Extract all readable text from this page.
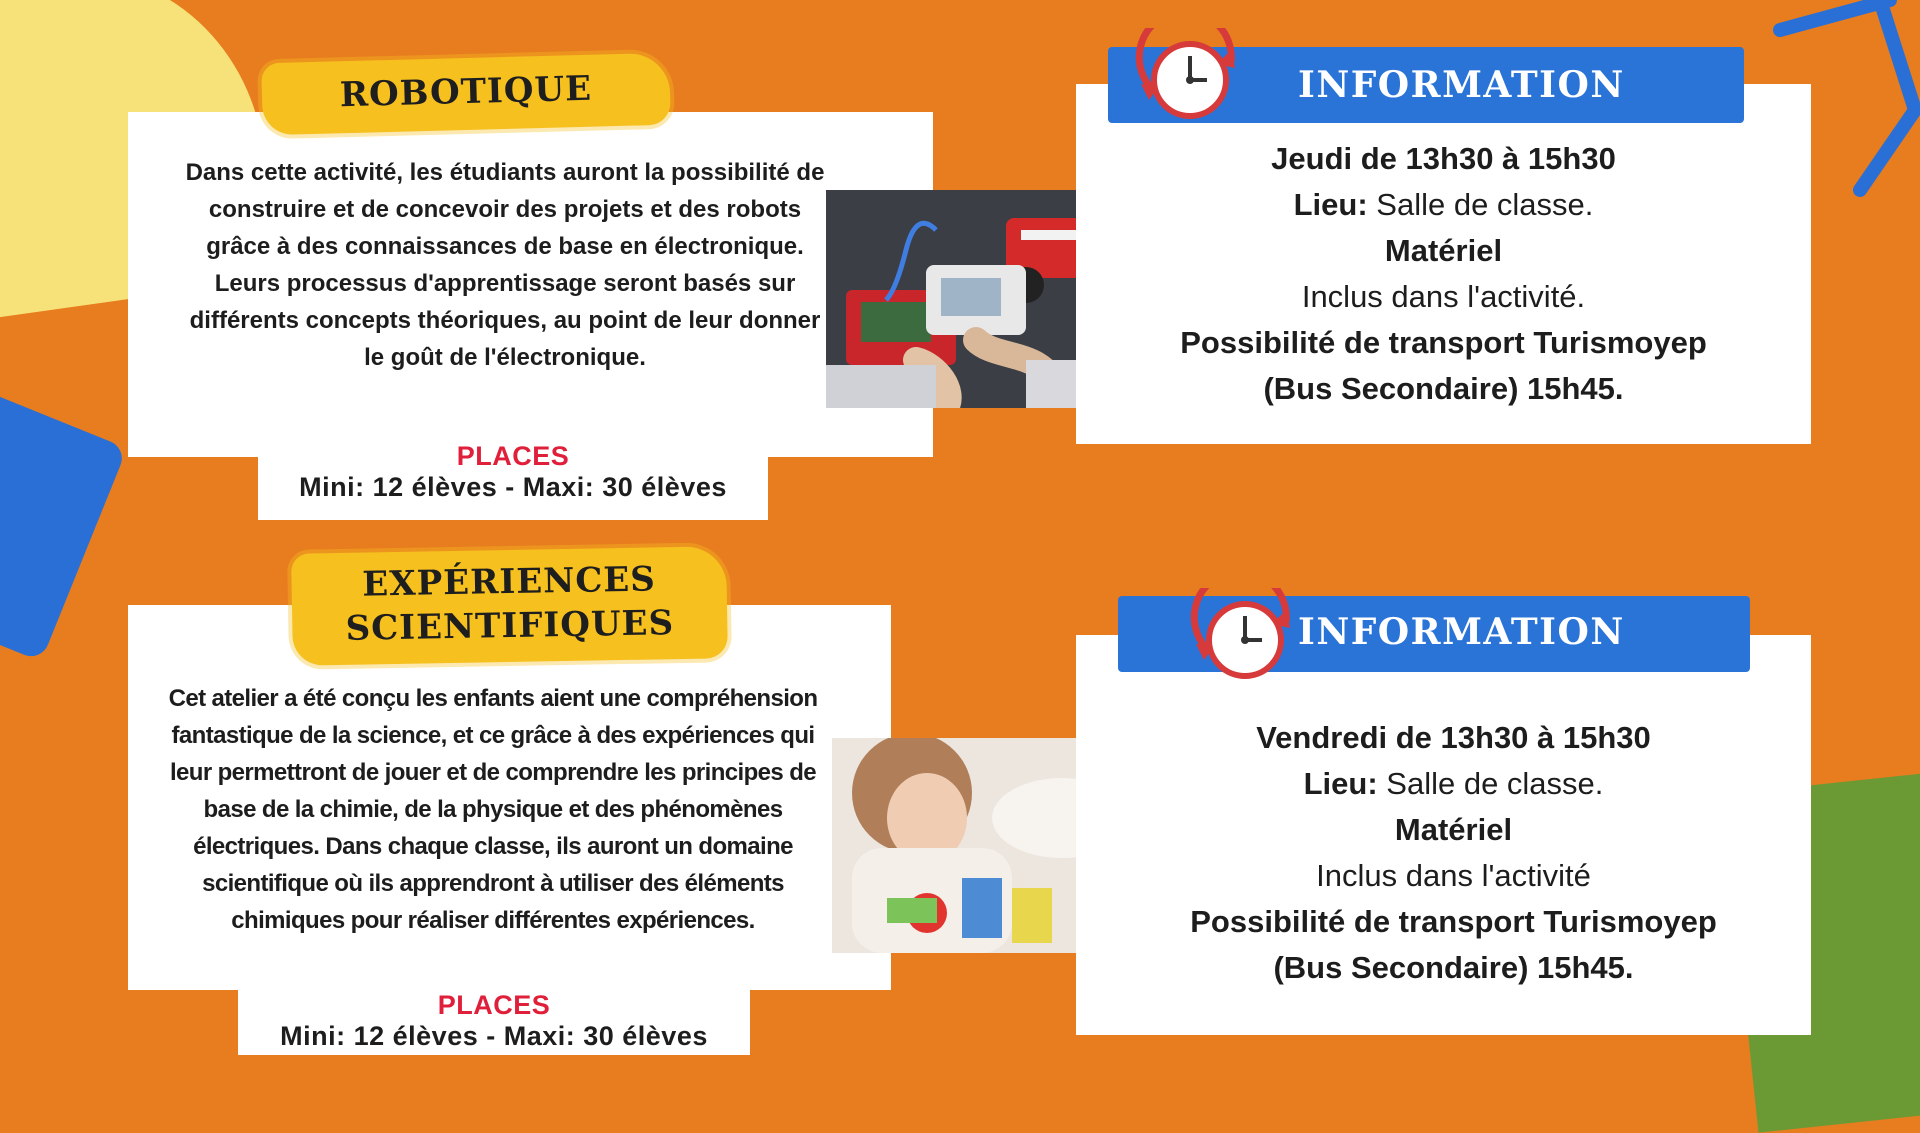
ROBOTIQUE
Dans cette activité, les étudiants auront la possibilité de construire et de concevoir des projets et des robots grâce à des connaissances de base en électronique. Leurs processus d'apprentissage seront basés sur différents concepts théoriques, au point de leur donner le goût de l'électronique.
PLACES
Mini: 12 élèves - Maxi: 30 élèves
EXPÉRIENCES
SCIENTIFIQUES
Cet atelier a été conçu les enfants aient une compréhension fantastique de la science, et ce grâce à des expériences qui leur permettront de jouer et de comprendre les principes de base de la chimie, de la physique et des phénomènes électriques. Dans chaque classe, ils auront un domaine scientifique où ils apprendront à utiliser des éléments chimiques pour réaliser différentes expériences.
PLACES
Mini: 12 élèves - Maxi: 30 élèves
INFORMATION
Jeudi de 13h30 à 15h30
Lieu: Salle de classe.
Matériel
Inclus dans l'activité.
Possibilité de transport Turismoyep
(Bus Secondaire) 15h45.
INFORMATION
Vendredi de 13h30 à 15h30
Lieu: Salle de classe.
Matériel
Inclus dans l'activité
Possibilité de transport Turismoyep
(Bus Secondaire) 15h45.
